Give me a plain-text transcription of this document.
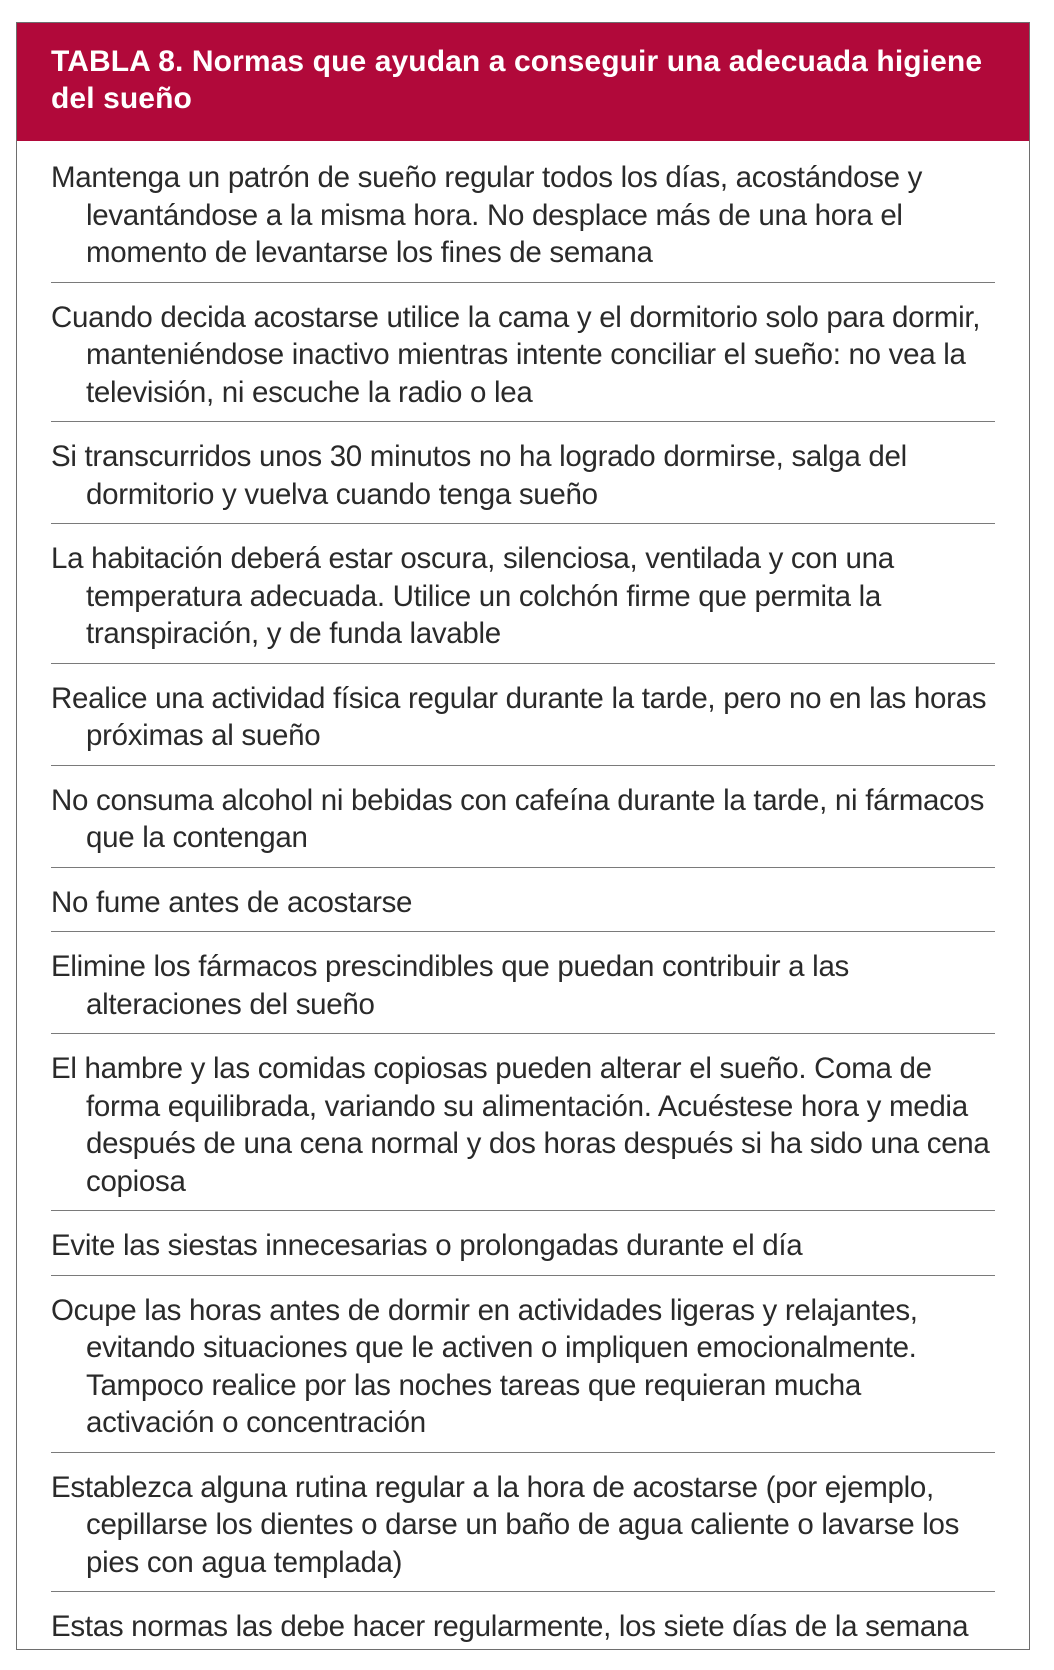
TABLA 8. Normas que ayudan a conseguir una adecuada higiene del sueño
Mantenga un patrón de sueño regular todos los días, acostándose y levantándose a la misma hora. No desplace más de una hora el momento de levantarse los fines de semana
Cuando decida acostarse utilice la cama y el dormitorio solo para dormir, manteniéndose inactivo mientras intente conciliar el sueño: no vea la televisión, ni escuche la radio o lea
Si transcurridos unos 30 minutos no ha logrado dormirse, salga del dormitorio y vuelva cuando tenga sueño
La habitación deberá estar oscura, silenciosa, ventilada y con una temperatura adecuada. Utilice un colchón firme que permita la transpiración, y de funda lavable
Realice una actividad física regular durante la tarde, pero no en las horas próximas al sueño
No consuma alcohol ni bebidas con cafeína durante la tarde, ni fármacos que la contengan
No fume antes de acostarse
Elimine los fármacos prescindibles que puedan contribuir a las alteraciones del sueño
El hambre y las comidas copiosas pueden alterar el sueño. Coma de forma equilibrada, variando su alimentación. Acuéstese hora y media después de una cena normal y dos horas después si ha sido una cena copiosa
Evite las siestas innecesarias o prolongadas durante el día
Ocupe las horas antes de dormir en actividades ligeras y relajantes, evitando situaciones que le activen o impliquen emocionalmente. Tampoco realice por las noches tareas que requieran mucha activación o concentración
Establezca alguna rutina regular a la hora de acostarse (por ejemplo, cepillarse los dientes o darse un baño de agua caliente o lavarse los pies con agua templada)
Estas normas las debe hacer regularmente, los siete días de la semana
